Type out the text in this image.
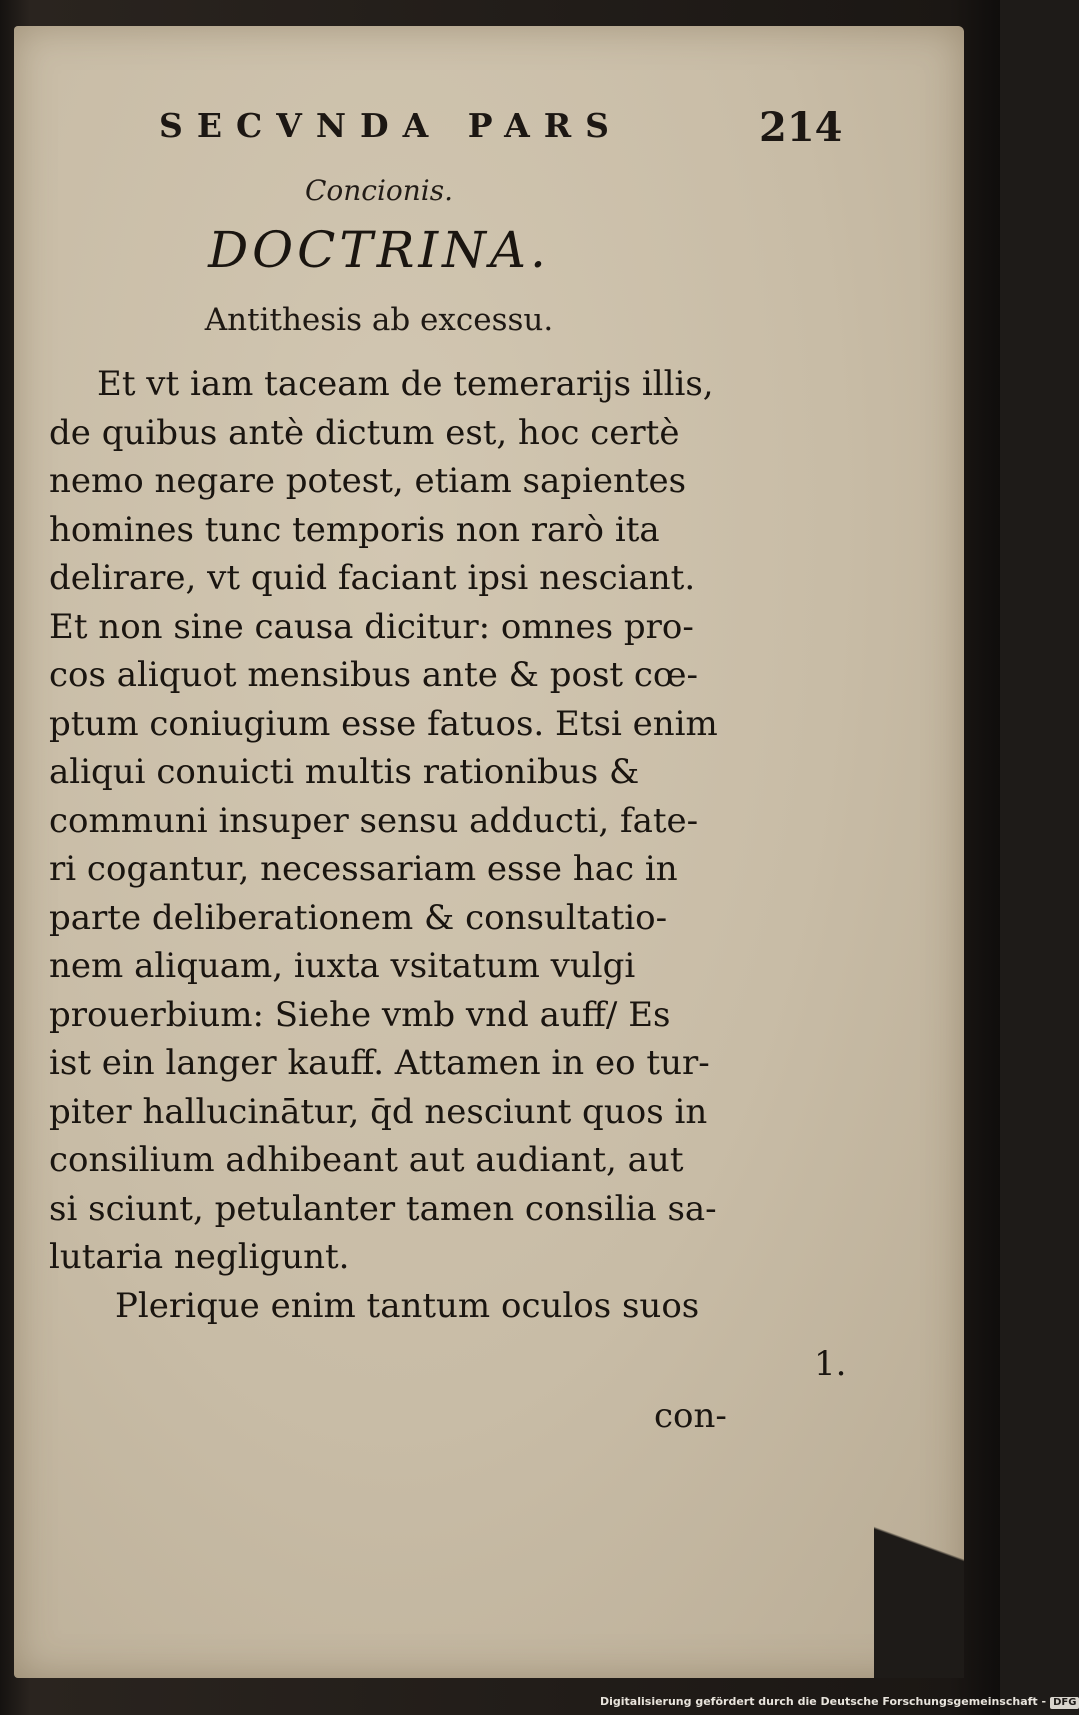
SECVNDA PARS	214
Concionis.
DOCTRINA.
Antithesis ab excessu.
Et vt iam taceam de temerarijs illis,
de quibus antè dictum est, hoc certè
nemo negare potest, etiam sapientes
homines tunc temporis non rarò ita
delirare, vt quid faciant ipsi nesciant.
Et non sine causa dicitur: omnes pro-
cos aliquot mensibus ante & post cœ-
ptum coniugium esse fatuos. Etsi enim
aliqui conuicti multis rationibus &
communi insuper sensu adducti, fate-
ri cogantur, necessariam esse hac in
parte deliberationem & consultatio-
nem aliquam, iuxta vsitatum vulgi
prouerbium: Siehe vmb vnd auff/ Es
ist ein langer kauff. Attamen in eo tur-
piter hallucinātur, q̄d nesciunt quos in
consilium adhibeant aut audiant, aut
si sciunt, petulanter tamen consilia sa-
lutaria negligunt.
Plerique enim tantum oculos suos
1.
con-
Digitalisierung gefördert durch die Deutsche Forschungsgemeinschaft - DFG
